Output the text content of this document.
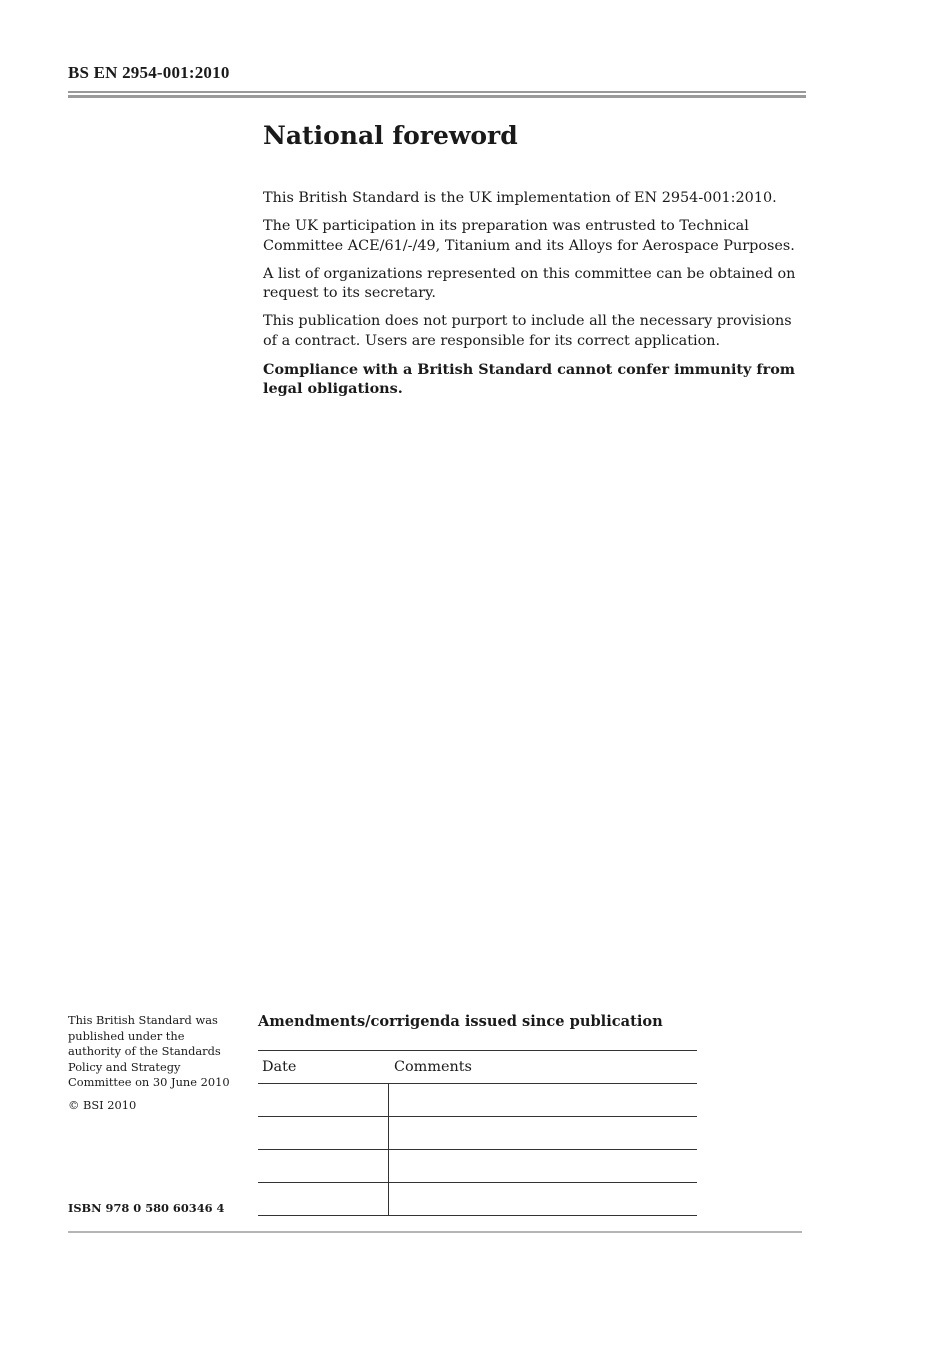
BS EN 2954-001:2010
National foreword

This British Standard is the UK implementation of EN 2954-001:2010.

The UK participation in its preparation was entrusted to Technical Committee ACE/61/-/49, Titanium and its Alloys for Aerospace Purposes.

A list of organizations represented on this committee can be obtained on request to its secretary.

This publication does not purport to include all the necessary provisions of a contract. Users are responsible for its correct application.

Compliance with a British Standard cannot confer immunity from legal obligations.

This British Standard was published under the authority of the Standards Policy and Strategy Committee on 30 June 2010

© BSI 2010

ISBN 978 0 580 60346 4
Amendments/corrigenda issued since publication
Date	Comments
